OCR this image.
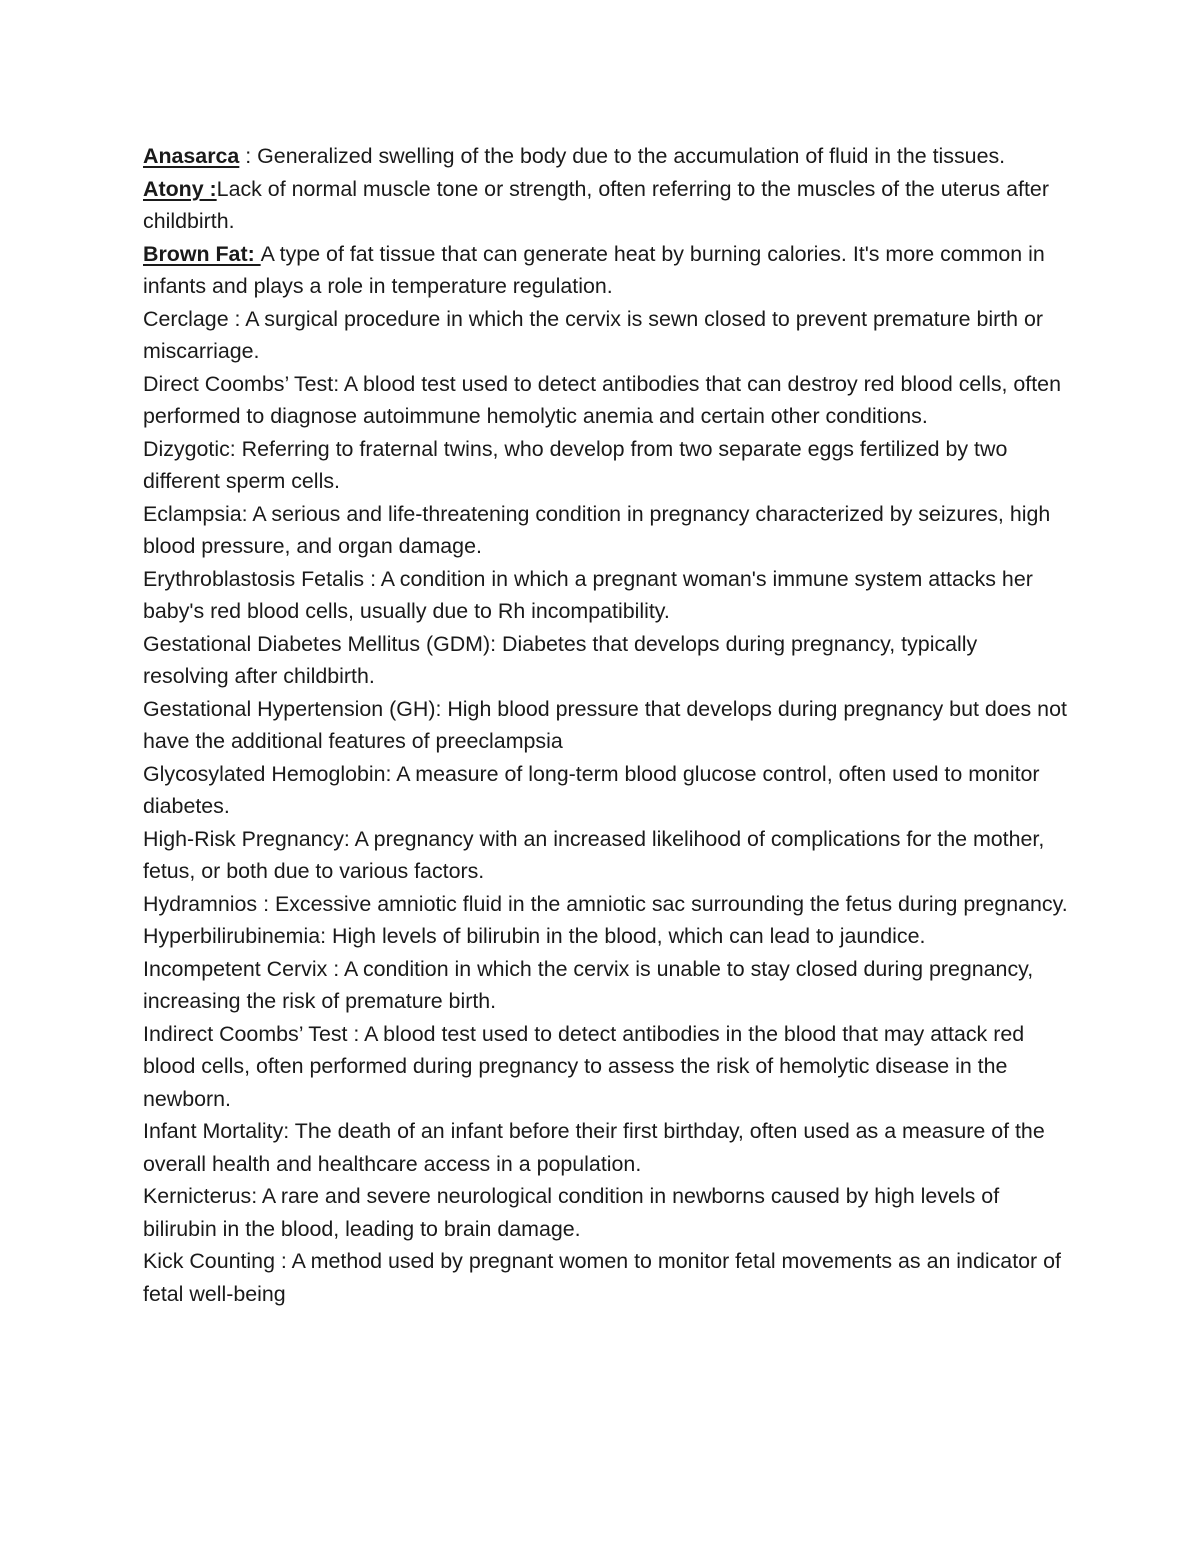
Anasarca : Generalized swelling of the body due to the accumulation of fluid in the tissues.

Atony :Lack of normal muscle tone or strength, often referring to the muscles of the uterus after childbirth.

Brown Fat: A type of fat tissue that can generate heat by burning calories. It's more common in infants and plays a role in temperature regulation.

Cerclage : A surgical procedure in which the cervix is sewn closed to prevent premature birth or miscarriage.

Direct Coombs’ Test: A blood test used to detect antibodies that can destroy red blood cells, often performed to diagnose autoimmune hemolytic anemia and certain other conditions.

Dizygotic: Referring to fraternal twins, who develop from two separate eggs fertilized by two different sperm cells.

Eclampsia: A serious and life-threatening condition in pregnancy characterized by seizures, high blood pressure, and organ damage.

Erythroblastosis Fetalis : A condition in which a pregnant woman's immune system attacks her baby's red blood cells, usually due to Rh incompatibility.

Gestational Diabetes Mellitus (GDM): Diabetes that develops during pregnancy, typically resolving after childbirth.

Gestational Hypertension (GH): High blood pressure that develops during pregnancy but does not have the additional features of preeclampsia

Glycosylated Hemoglobin: A measure of long-term blood glucose control, often used to monitor diabetes.

High-Risk Pregnancy: A pregnancy with an increased likelihood of complications for the mother, fetus, or both due to various factors.

Hydramnios : Excessive amniotic fluid in the amniotic sac surrounding the fetus during pregnancy.

Hyperbilirubinemia: High levels of bilirubin in the blood, which can lead to jaundice.

Incompetent Cervix : A condition in which the cervix is unable to stay closed during pregnancy, increasing the risk of premature birth.

Indirect Coombs’ Test : A blood test used to detect antibodies in the blood that may attack red blood cells, often performed during pregnancy to assess the risk of hemolytic disease in the newborn.

Infant Mortality: The death of an infant before their first birthday, often used as a measure of the overall health and healthcare access in a population.

Kernicterus: A rare and severe neurological condition in newborns caused by high levels of bilirubin in the blood, leading to brain damage.

Kick Counting : A method used by pregnant women to monitor fetal movements as an indicator of fetal well-being
